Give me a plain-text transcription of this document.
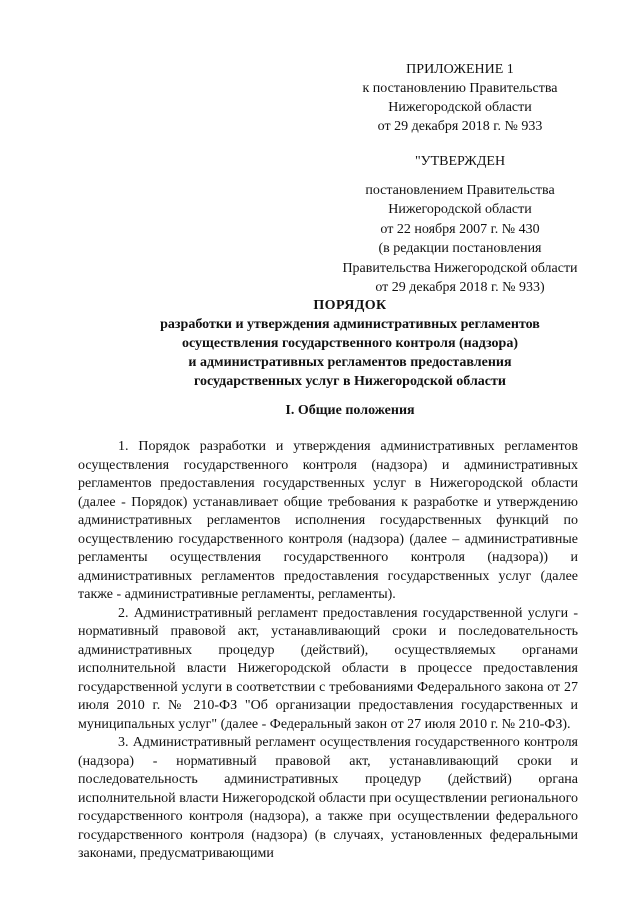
ПРИЛОЖЕНИЕ 1
к постановлению Правительства
Нижегородской области
от 29 декабря 2018 г. № 933
"УТВЕРЖДЕН
постановлением Правительства
Нижегородской области
от 22 ноября 2007 г. № 430
(в редакции постановления
Правительства Нижегородской области
от 29 декабря 2018 г. № 933)
ПОРЯДОК
разработки и утверждения административных регламентов
осуществления государственного контроля (надзора)
и административных регламентов предоставления
государственных услуг в Нижегородской области
I. Общие положения

1. Порядок разработки и утверждения административных регламентов осуществления государственного контроля (надзора) и административных регламентов предоставления государственных услуг в Нижегородской области (далее - Порядок) устанавливает общие требования к разработке и утверждению административных регламентов исполнения государственных функций по осуществлению государственного контроля (надзора) (далее – административные регламенты осуществления государственного контроля (надзора)) и административных регламентов предоставления государственных услуг (далее также - административные регламенты, регламенты).

2. Административный регламент предоставления государственной услуги - нормативный правовой акт, устанавливающий сроки и последовательность административных процедур (действий), осуществляемых органами исполнительной власти Нижегородской области в процессе предоставления государственной услуги в соответствии с требованиями Федерального закона от 27 июля 2010 г. № 210-ФЗ "Об организации предоставления государственных и муниципальных услуг" (далее - Федеральный закон от 27 июля 2010 г. № 210-ФЗ).

3. Административный регламент осуществления государственного контроля (надзора) - нормативный правовой акт, устанавливающий сроки и последовательность административных процедур (действий) органа исполнительной власти Нижегородской области при осуществлении регионального государственного контроля (надзора), а также при осуществлении федерального государственного контроля (надзора) (в случаях, установленных федеральными законами, предусматривающими
